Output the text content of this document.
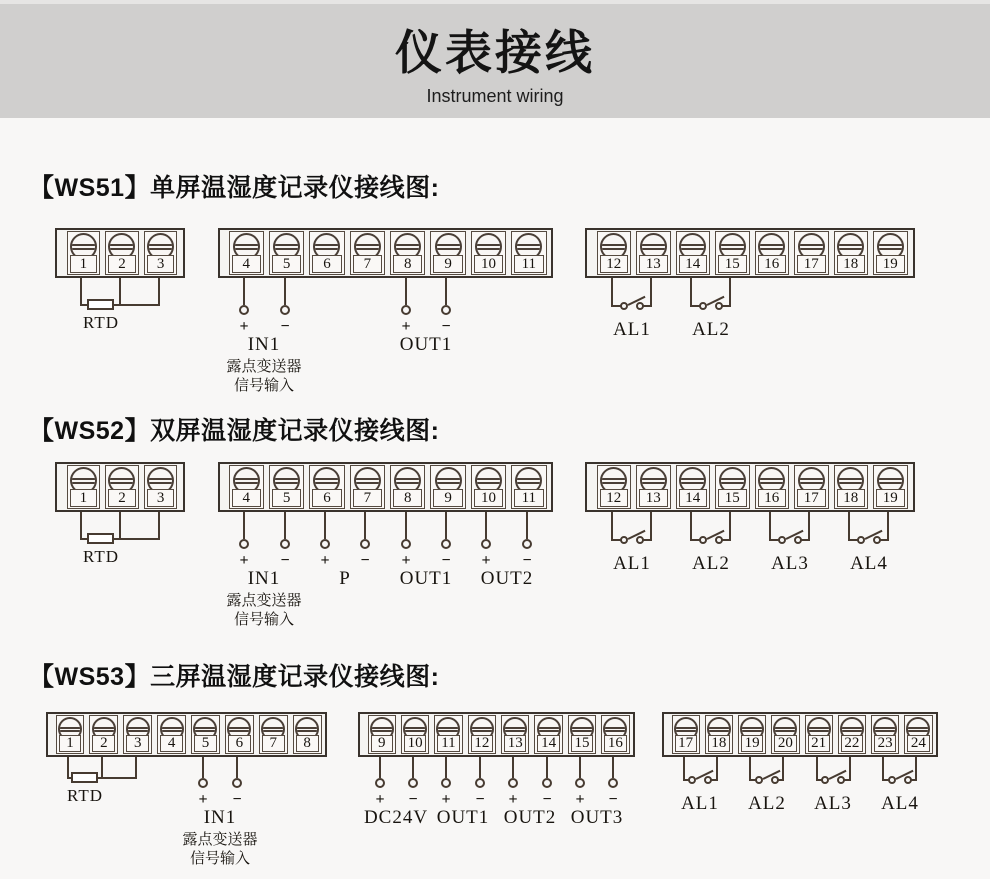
仪表接线
Instrument wiring
【WS51】单屏温湿度记录仪接线图:
【WS52】双屏温湿度记录仪接线图:
【WS53】三屏温湿度记录仪接线图:
1	2	3	4	5	6	7	8	9	10	11	12	13	14	15	16	17	18	19
RTD	+	−
IN1
露点变送器
信号输入
+	−
OUT1
AL1	AL2
1	2	3	4	5	6	7	8	9	10	11	12	13	14	15	16	17	18	19
RTD	+	−
IN1
露点变送器
信号输入
+	−
P
+	−
OUT1
+	−
OUT2
AL1	AL2	AL3	AL4
1	2	3	4	5	6	7	8	9	10 11 12 13 14 15 16	17 18 19 20 21 22 23 24
RTD	+	−
IN1
露点变送器
信号输入
+	−
DC24V
+	−
OUT1
+	−
OUT2
+	−
OUT3
AL1	AL2	AL3	AL4
